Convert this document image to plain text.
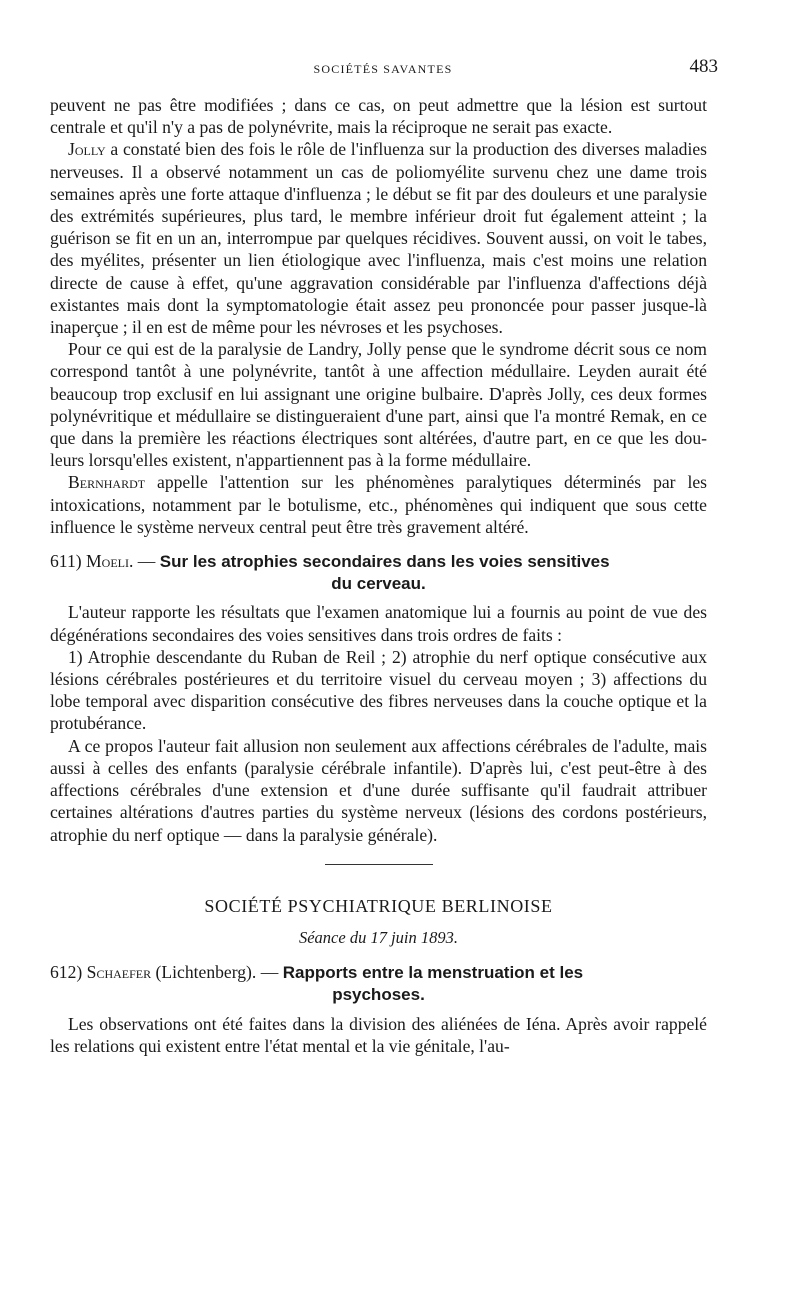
SOCIÉTÉS SAVANTES	483

peuvent ne pas être modifiées ; dans ce cas, on peut admettre que la lésion est surtout centrale et qu'il n'y a pas de polynévrite, mais la réciproque ne serait pas exacte.

Jolly a constaté bien des fois le rôle de l'influenza sur la production des diverses maladies nerveuses. Il a observé notamment un cas de poliomyélite survenu chez une dame trois semaines après une forte attaque d'influenza ; le début se fit par des douleurs et une paralysie des extrémités supérieures, plus tard, le membre inférieur droit fut également atteint ; la guérison se fit en un an, interrompue par quelques récidives. Souvent aussi, on voit le tabes, des myélites, présenter un lien étiologique avec l'influenza, mais c'est moins une relation directe de cause à effet, qu'une aggravation considérable par l'influenza d'affections déjà existantes mais dont la symptomatologie était assez peu prononcée pour passer jusque-là inaperçue ; il en est de même pour les névroses et les psychoses.

Pour ce qui est de la paralysie de Landry, Jolly pense que le syndrome décrit sous ce nom correspond tantôt à une polynévrite, tantôt à une affection médullaire. Leyden aurait été beaucoup trop exclusif en lui assignant une origine bulbaire. D'après Jolly, ces deux formes polynévritique et médullaire se distingueraient d'une part, ainsi que l'a montré Remak, en ce que dans la première les réactions électriques sont altérées, d'autre part, en ce que les douleurs lorsqu'elles existent, n'appartiennent pas à la forme médullaire.

Bernhardt appelle l'attention sur les phénomènes paralytiques déterminés par les intoxications, notamment par le botulisme, etc., phénomènes qui indiquent que sous cette influence le système nerveux central peut être très gravement altéré.

611) Moeli. — Sur les atrophies secondaires dans les voies sensitives
du cerveau.

L'auteur rapporte les résultats que l'examen anatomique lui a fournis au point de vue des dégénérations secondaires des voies sensitives dans trois ordres de faits :

1) Atrophie descendante du Ruban de Reil ; 2) atrophie du nerf optique consécutive aux lésions cérébrales postérieures et du territoire visuel du cerveau moyen ; 3) affections du lobe temporal avec disparition consécutive des fibres nerveuses dans la couche optique et la protubérance.

A ce propos l'auteur fait allusion non seulement aux affections cérébrales de l'adulte, mais aussi à celles des enfants (paralysie cérébrale infantile). D'après lui, c'est peut-être à des affections cérébrales d'une extension et d'une durée suffisante qu'il faudrait attribuer certaines altérations d'autres parties du système nerveux (lésions des cordons postérieurs, atrophie du nerf optique — dans la paralysie générale).

SOCIÉTÉ PSYCHIATRIQUE BERLINOISE

Séance du 17 juin 1893.

612) Schaefer (Lichtenberg). — Rapports entre la menstruation et les
psychoses.

Les observations ont été faites dans la division des aliénées de Iéna. Après avoir rappelé les relations qui existent entre l'état mental et la vie génitale, l'au-
